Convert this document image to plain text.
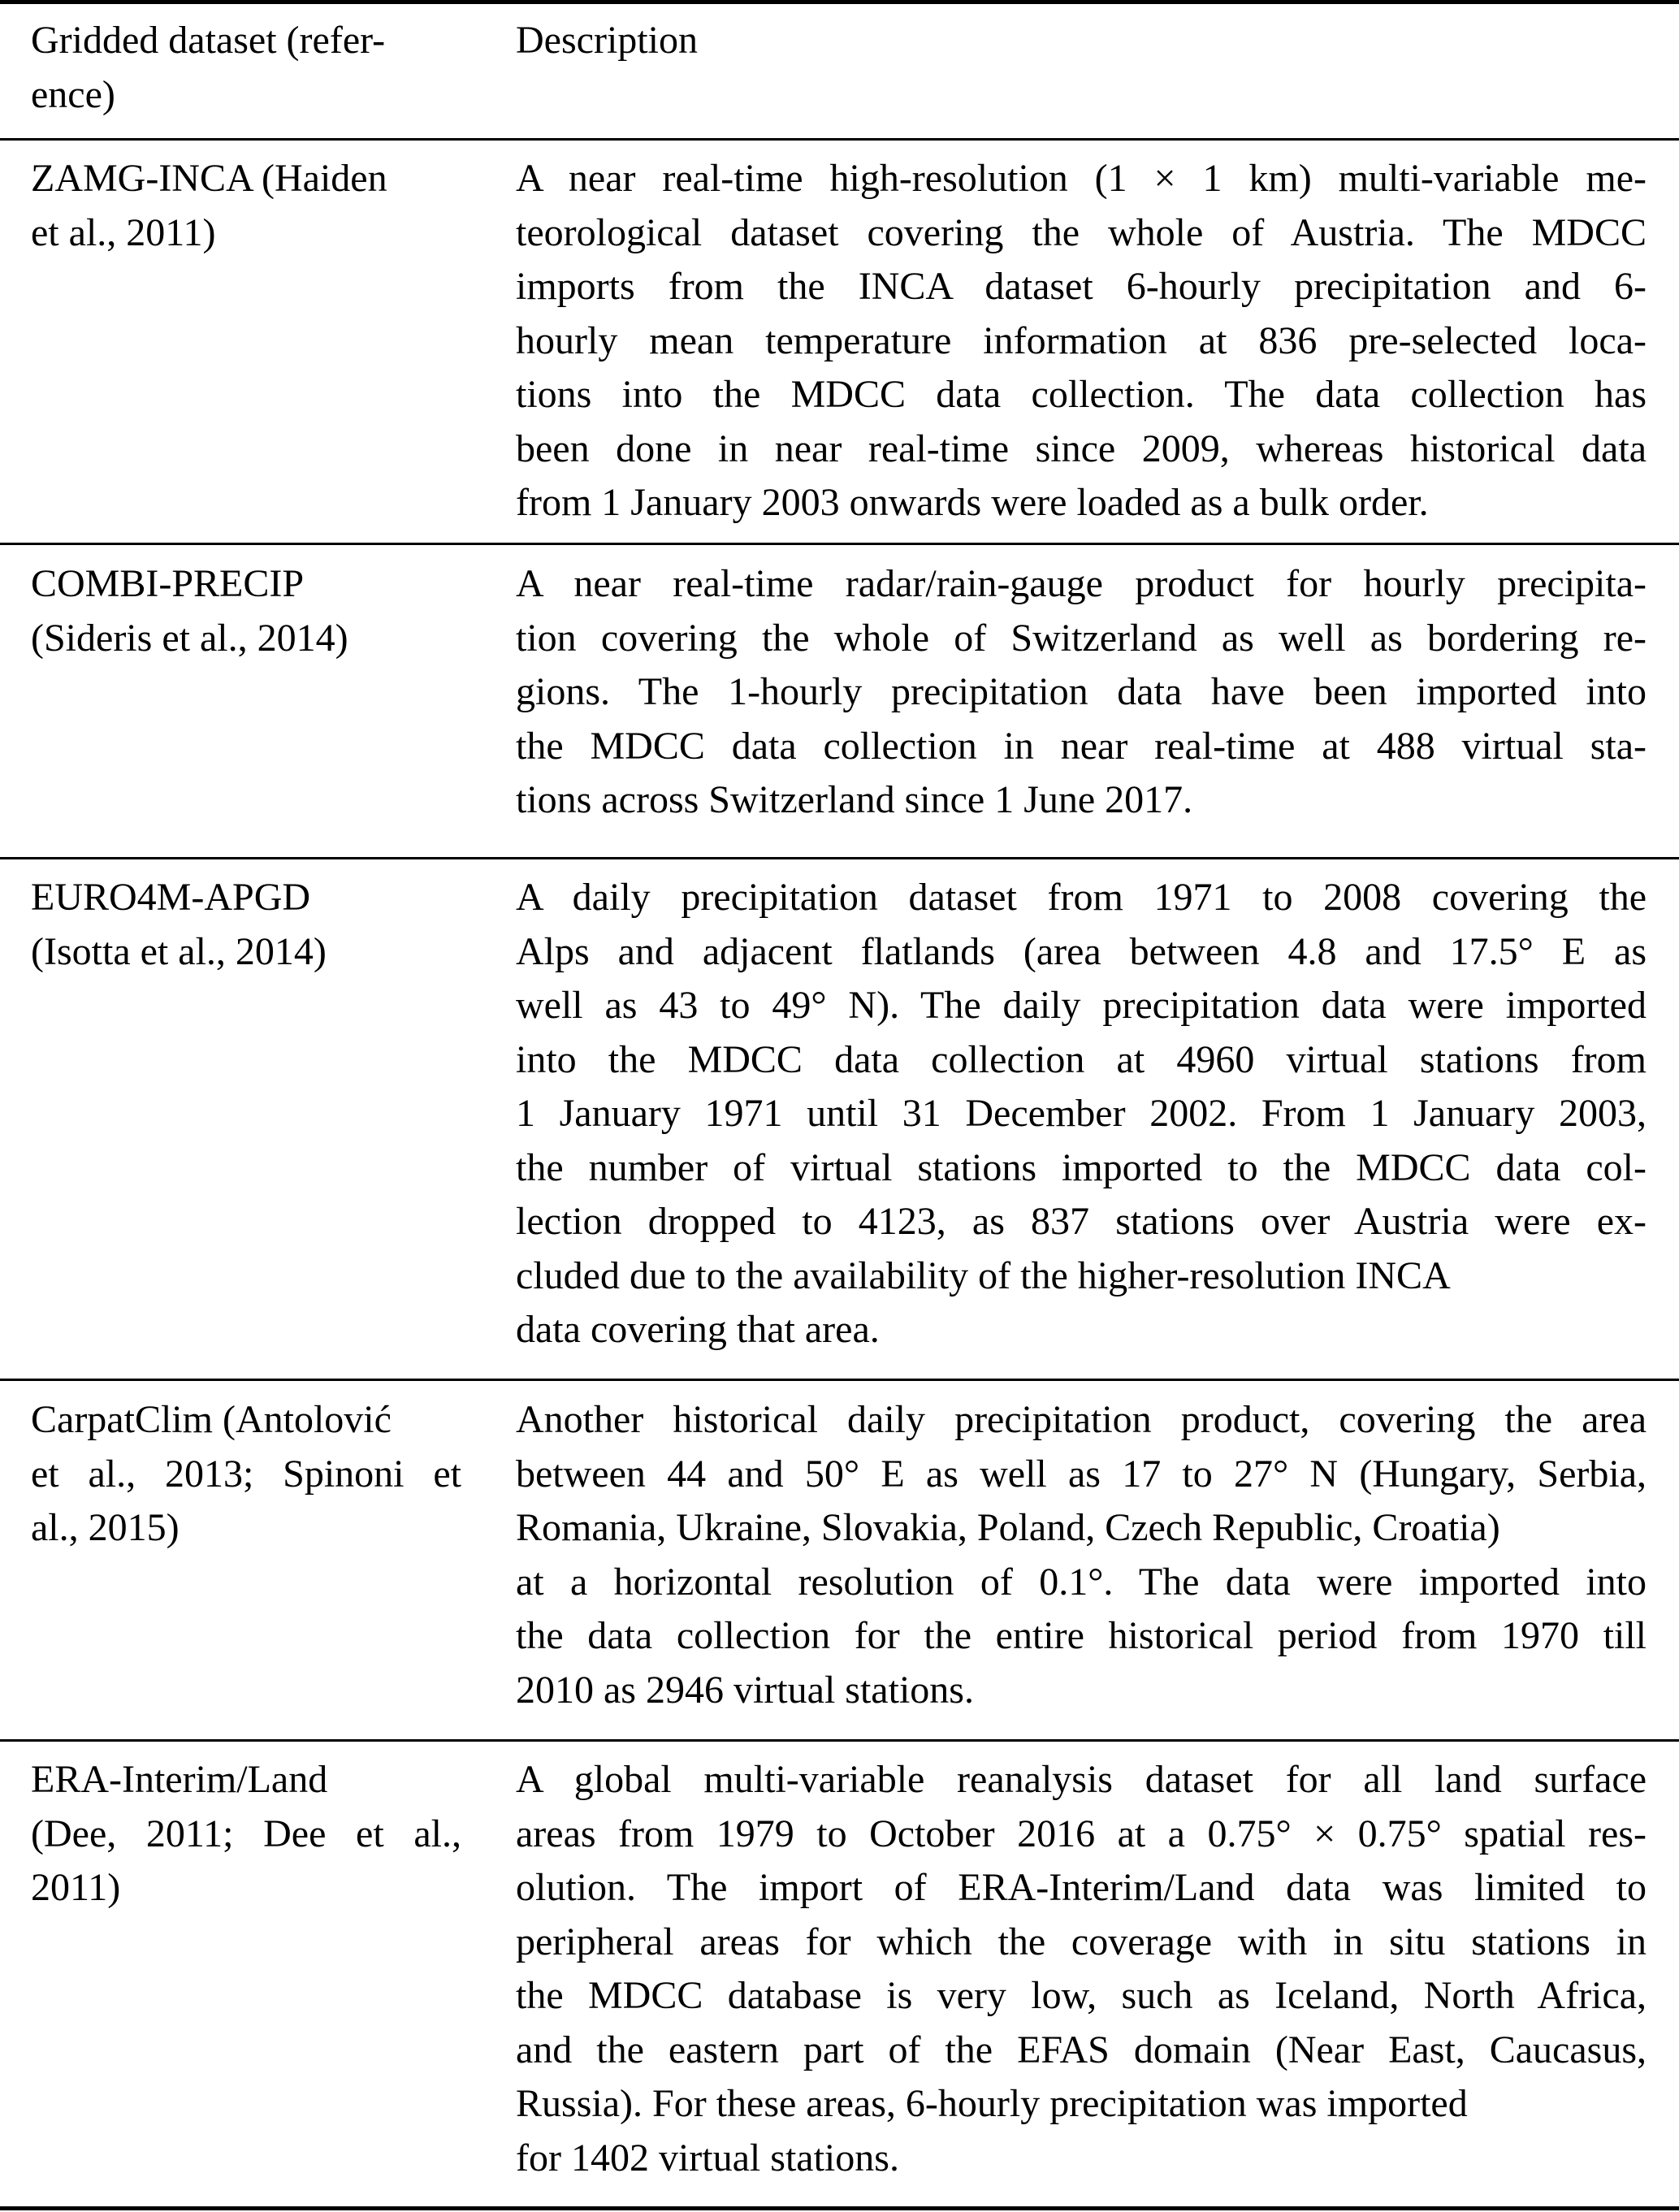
Gridded dataset (refer-
ence)
Description
ZAMG-INCA (Haiden
et al., 2011)
A near real-time high-resolution (1 × 1 km) multi-variable me-
teorological dataset covering the whole of Austria. The MDCC
imports from the INCA dataset 6-hourly precipitation and 6-
hourly mean temperature information at 836 pre-selected loca-
tions into the MDCC data collection. The data collection has
been done in near real-time since 2009, whereas historical data
from 1 January 2003 onwards were loaded as a bulk order.
COMBI-PRECIP
(Sideris et al., 2014)
A near real-time radar/rain-gauge product for hourly precipita-
tion covering the whole of Switzerland as well as bordering re-
gions. The 1-hourly precipitation data have been imported into
the MDCC data collection in near real-time at 488 virtual sta-
tions across Switzerland since 1 June 2017.
EURO4M-APGD
(Isotta et al., 2014)
A daily precipitation dataset from 1971 to 2008 covering the
Alps and adjacent flatlands (area between 4.8 and 17.5° E as
well as 43 to 49° N). The daily precipitation data were imported
into the MDCC data collection at 4960 virtual stations from
1 January 1971 until 31 December 2002. From 1 January 2003,
the number of virtual stations imported to the MDCC data col-
lection dropped to 4123, as 837 stations over Austria were ex-
cluded due to the availability of the higher-resolution INCA
data covering that area.
CarpatClim (Antolović
et al., 2013; Spinoni et
al., 2015)
Another historical daily precipitation product, covering the area
between 44 and 50° E as well as 17 to 27° N (Hungary, Serbia,
Romania, Ukraine, Slovakia, Poland, Czech Republic, Croatia)
at a horizontal resolution of 0.1°. The data were imported into
the data collection for the entire historical period from 1970 till
2010 as 2946 virtual stations.
ERA-Interim/Land
(Dee, 2011; Dee et al.,
2011)
A global multi-variable reanalysis dataset for all land surface
areas from 1979 to October 2016 at a 0.75° × 0.75° spatial res-
olution. The import of ERA-Interim/Land data was limited to
peripheral areas for which the coverage with in situ stations in
the MDCC database is very low, such as Iceland, North Africa,
and the eastern part of the EFAS domain (Near East, Caucasus,
Russia). For these areas, 6-hourly precipitation was imported
for 1402 virtual stations.
